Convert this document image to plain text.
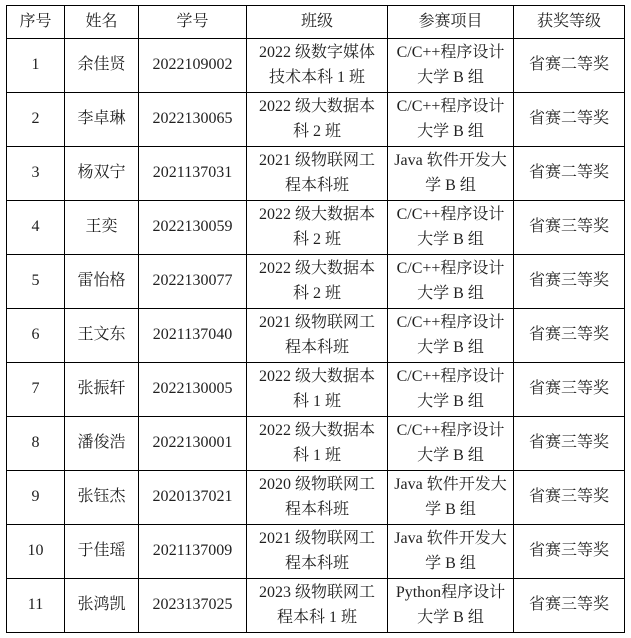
序号	姓名	学号	班级	参赛项目	获奖等级
1	余佳贤	2022109002	2022 级数字媒体技术本科 1 班	C/C++程序设计大学 B 组	省赛二等奖
2	李卓琳	2022130065	2022 级大数据本科 2 班	C/C++程序设计大学 B 组	省赛二等奖
3	杨双宁	2021137031	2021 级物联网工程本科班	Java 软件开发大学 B 组	省赛二等奖
4	王奕	2022130059	2022 级大数据本科 2 班	C/C++程序设计大学 B 组	省赛三等奖
5	雷怡格	2022130077	2022 级大数据本科 2 班	C/C++程序设计大学 B 组	省赛三等奖
6	王文东	2021137040	2021 级物联网工程本科班	C/C++程序设计大学 B 组	省赛三等奖
7	张振轩	2022130005	2022 级大数据本科 1 班	C/C++程序设计大学 B 组	省赛三等奖
8	潘俊浩	2022130001	2022 级大数据本科 1 班	C/C++程序设计大学 B 组	省赛三等奖
9	张钰杰	2020137021	2020 级物联网工程本科班	Java 软件开发大学 B 组	省赛三等奖
10	于佳瑶	2021137009	2021 级物联网工程本科班	Java 软件开发大学 B 组	省赛三等奖
11	张鸿凯	2023137025	2023 级物联网工程本科 1 班	Python程序设计大学 B 组	省赛三等奖
